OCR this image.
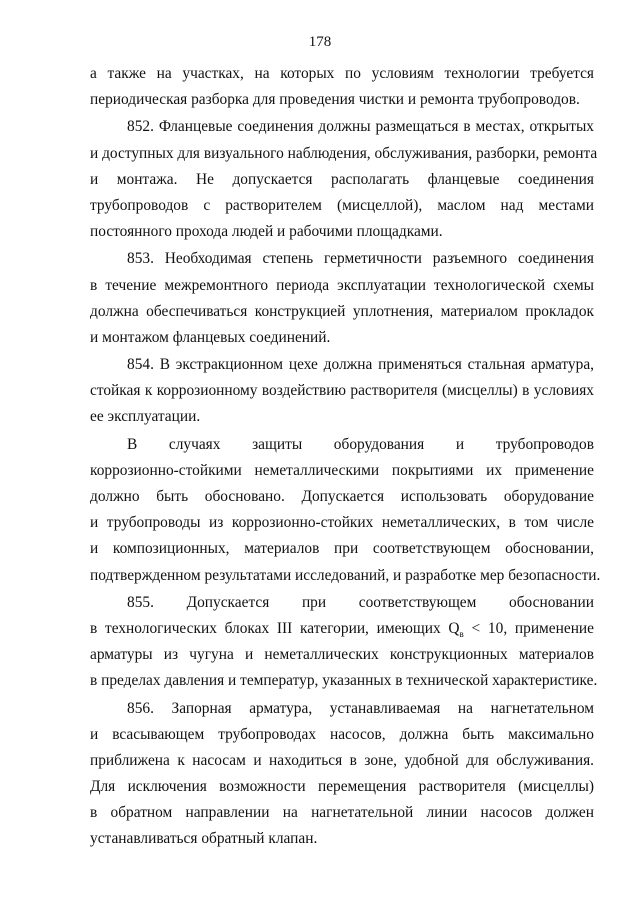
178
а также на участках, на которых по условиям технологии требуется
периодическая разборка для проведения чистки и ремонта трубопроводов.
852. Фланцевые соединения должны размещаться в местах, открытых
и доступных для визуального наблюдения, обслуживания, разборки, ремонта
и монтажа. Не допускается располагать фланцевые соединения
трубопроводов с растворителем (мисцеллой), маслом над местами
постоянного прохода людей и рабочими площадками.
853. Необходимая степень герметичности разъемного соединения
в течение межремонтного периода эксплуатации технологической схемы
должна обеспечиваться конструкцией уплотнения, материалом прокладок
и монтажом фланцевых соединений.
854. В экстракционном цехе должна применяться стальная арматура,
стойкая к коррозионному воздействию растворителя (мисцеллы) в условиях
ее эксплуатации.
В случаях защиты оборудования и трубопроводов
коррозионно-стойкими неметаллическими покрытиями их применение
должно быть обосновано. Допускается использовать оборудование
и трубопроводы из коррозионно-стойких неметаллических, в том числе
и композиционных, материалов при соответствующем обосновании,
подтвержденном результатами исследований, и разработке мер безопасности.
855. Допускается при соответствующем обосновании
в технологических блоках III категории, имеющих $Q_в < 10$, применение
арматуры из чугуна и неметаллических конструкционных материалов
в пределах давления и температур, указанных в технической характеристике.
856. Запорная арматура, устанавливаемая на нагнетательном
и всасывающем трубопроводах насосов, должна быть максимально
приближена к насосам и находиться в зоне, удобной для обслуживания.
Для исключения возможности перемещения растворителя (мисцеллы)
в обратном направлении на нагнетательной линии насосов должен
устанавливаться обратный клапан.
